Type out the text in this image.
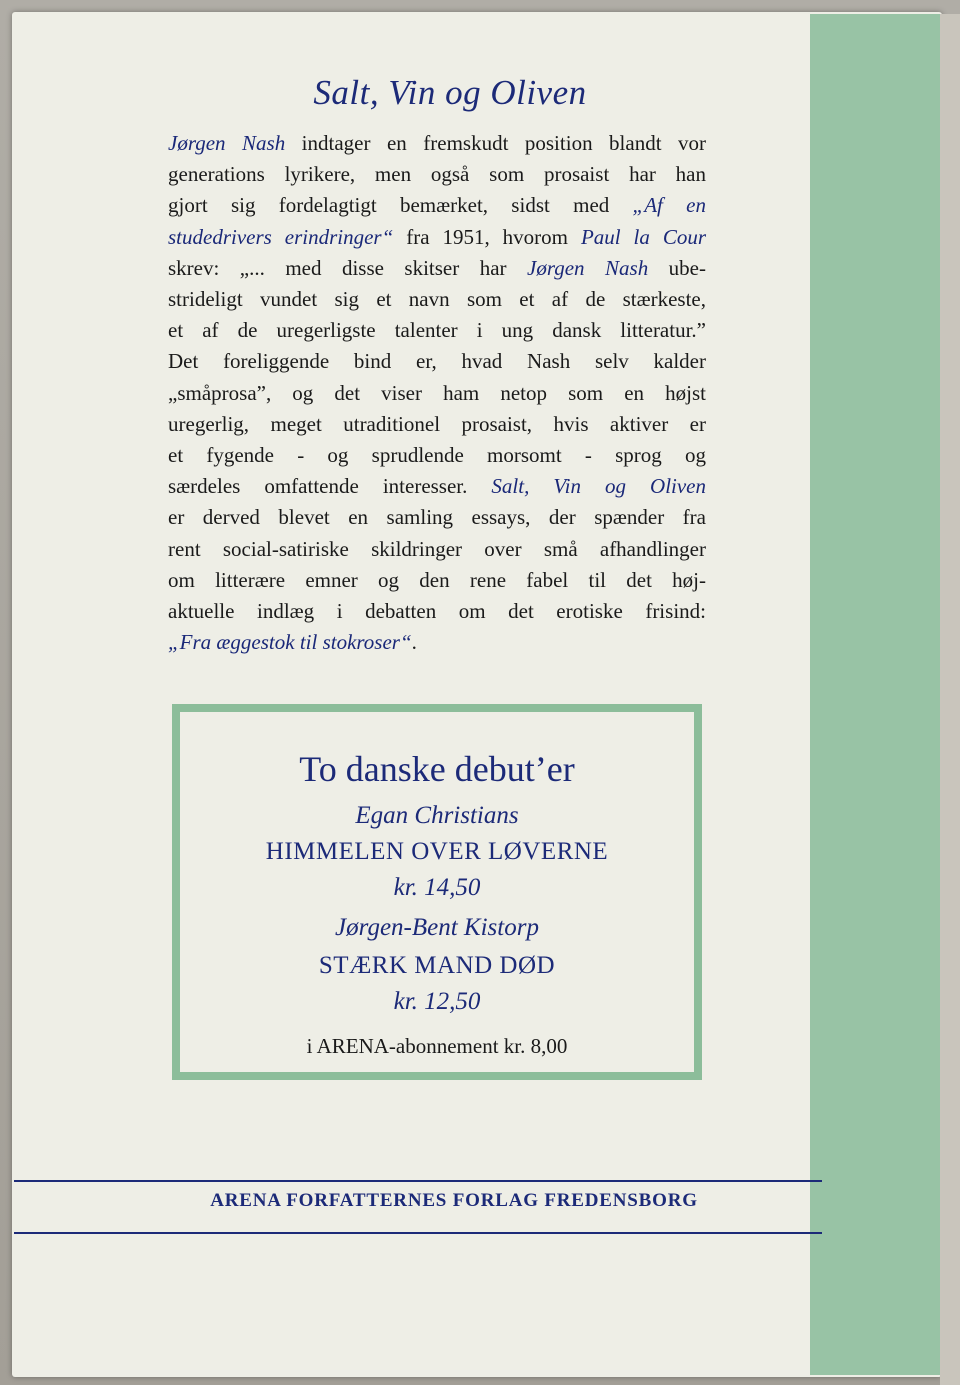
Salt, Vin og Oliven
Jørgen Nash indtager en fremskudt position blandt vor
generations lyrikere, men også som prosaist har han
gjort sig fordelagtigt bemærket, sidst med „Af en
studedrivers erindringer“ fra 1951, hvorom Paul la Cour
skrev: „... med disse skitser har Jørgen Nash ube-
strideligt vundet sig et navn som et af de stærkeste,
et af de uregerligste talenter i ung dansk litteratur.”
Det foreliggende bind er, hvad Nash selv kalder
„småprosa”, og det viser ham netop som en højst
uregerlig, meget utraditionel prosaist, hvis aktiver er
et fygende - og sprudlende morsomt - sprog og
særdeles omfattende interesser. Salt, Vin og Oliven
er derved blevet en samling essays, der spænder fra
rent social-satiriske skildringer over små afhandlinger
om litterære emner og den rene fabel til det høj-
aktuelle indlæg i debatten om det erotiske frisind:
„Fra æggestok til stokroser“.

To danske debut’er

Egan Christians

HIMMELEN OVER LØVERNE

kr. 14,50

Jørgen-Bent Kistorp

STÆRK MAND DØD

kr. 12,50

i ARENA-abonnement kr. 8,00

ARENA FORFATTERNES FORLAG FREDENSBORG
